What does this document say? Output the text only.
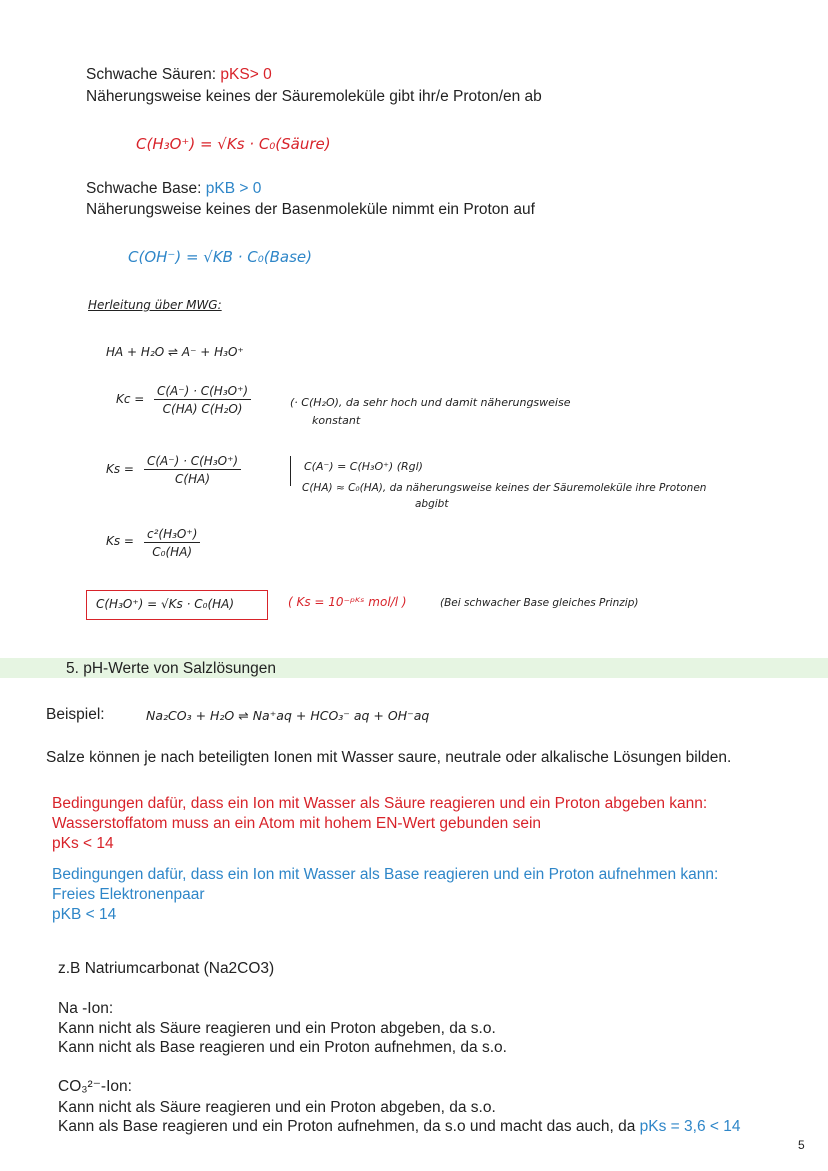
Schwache Säuren: pKS> 0
Näherungsweise keines der Säuremoleküle gibt ihr/e Proton/en ab
C(H₃O⁺) = √Ks · C₀(Säure)
Schwache Base: pKB > 0
Näherungsweise keines der Basenmoleküle nimmt ein Proton auf
C(OH⁻) = √KB · C₀(Base)
Herleitung über MWG:
HA + H₂O ⇌ A⁻ + H₃O⁺
$Kc = \frac{\text{C(A⁻) · C(H₃O⁺)}}{\text{C(HA) C(H₂O)}}$	(· C(H₂O), da sehr hoch und damit näherungsweise
konstant
$Ks = \frac{\text{C(A⁻) · C(H₃O⁺)}}{C(HA)}$	C(A⁻) = C(H₃O⁺) (Rgl)
C(HA) ≈ C₀(HA), da näherungsweise keines der Säuremoleküle ihre Protonen
abgibt
$Ks = \frac{\text{c²(H₃O⁺)}}{\text{C₀(HA)}}$
C(H₃O⁺) = √Ks · C₀(HA)	( Ks = 10⁻ᵖᴷˢ mol/l )	(Bei schwacher Base gleiches Prinzip)
5. pH-Werte von Salzlösungen
Beispiel:	Na₂CO₃ + H₂O ⇌ Na⁺aq + HCO₃⁻ aq + OH⁻aq
Salze können je nach beteiligten Ionen mit Wasser saure, neutrale oder alkalische Lösungen bilden.
Bedingungen dafür, dass ein Ion mit Wasser als Säure reagieren und ein Proton abgeben kann:
Wasserstoffatom muss an ein Atom mit hohem EN-Wert gebunden sein
pKs < 14
Bedingungen dafür, dass ein Ion mit Wasser als Base reagieren und ein Proton aufnehmen kann:
Freies Elektronenpaar
pKB < 14
z.B Natriumcarbonat (Na2CO3)
Na -Ion:
Kann nicht als Säure reagieren und ein Proton abgeben, da s.o.
Kann nicht als Base reagieren und ein Proton aufnehmen, da s.o.
CO₃²⁻-Ion:
Kann nicht als Säure reagieren und ein Proton abgeben, da s.o.
Kann als Base reagieren und ein Proton aufnehmen, da s.o und macht das auch, da pKs = 3,6 < 14
5
